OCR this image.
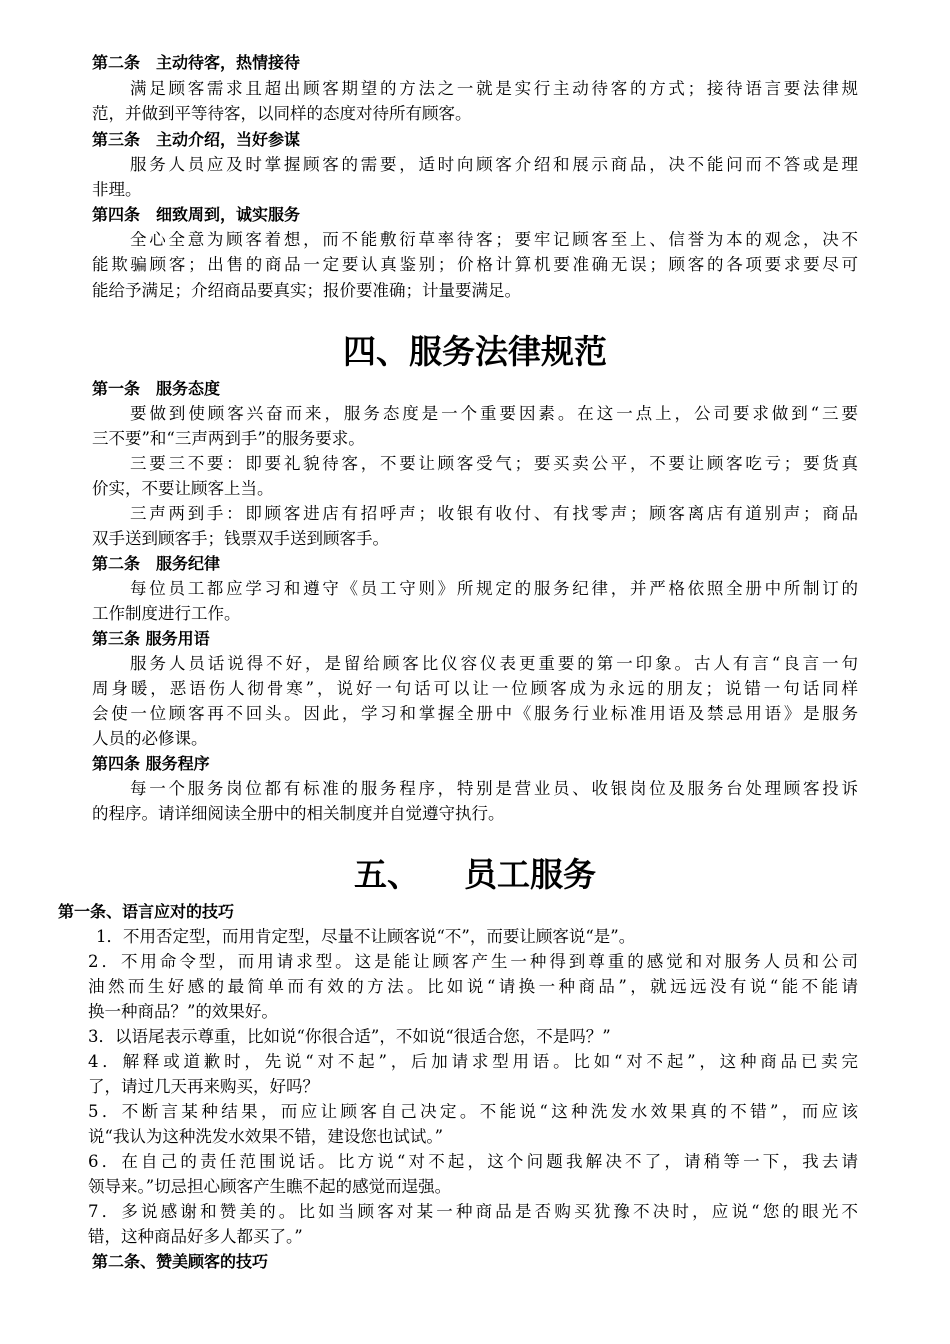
第二条　主动待客，热情接待
满足顾客需求且超出顾客期望的方法之一就是实行主动待客的方式；接待语言要法律规
范，并做到平等待客，以同样的态度对待所有顾客。
第三条　主动介绍，当好参谋
服务人员应及时掌握顾客的需要，适时向顾客介绍和展示商品，决不能问而不答或是理
非理。
第四条　细致周到，诚实服务
全心全意为顾客着想，而不能敷衍草率待客；要牢记顾客至上、信誉为本的观念，决不
能欺骗顾客；出售的商品一定要认真鉴别；价格计算机要准确无误；顾客的各项要求要尽可
能给予满足；介绍商品要真实；报价要准确；计量要满足。
四、服务法律规范
第一条　服务态度
要做到使顾客兴奋而来，服务态度是一个重要因素。在这一点上，公司要求做到“三要
三不要”和“三声两到手”的服务要求。
三要三不要：即要礼貌待客，不要让顾客受气；要买卖公平，不要让顾客吃亏；要货真
价实，不要让顾客上当。
三声两到手：即顾客进店有招呼声；收银有收付、有找零声；顾客离店有道别声；商品
双手送到顾客手；钱票双手送到顾客手。
第二条　服务纪律
每位员工都应学习和遵守《员工守则》所规定的服务纪律，并严格依照全册中所制订的
工作制度进行工作。
第三条 服务用语
服务人员话说得不好，是留给顾客比仪容仪表更重要的第一印象。古人有言“良言一句
周身暖，恶语伤人彻骨寒”，说好一句话可以让一位顾客成为永远的朋友；说错一句话同样
会使一位顾客再不回头。因此，学习和掌握全册中《服务行业标准用语及禁忌用语》是服务
人员的必修课。
第四条 服务程序
每一个服务岗位都有标准的服务程序，特别是营业员、收银岗位及服务台处理顾客投诉
的程序。请详细阅读全册中的相关制度并自觉遵守执行。
五、 员工服务
第一条、语言应对的技巧
1．不用否定型，而用肯定型，尽量不让顾客说“不”，而要让顾客说“是”。
2．不用命令型，而用请求型。这是能让顾客产生一种得到尊重的感觉和对服务人员和公司
油然而生好感的最简单而有效的方法。比如说“请换一种商品”，就远远没有说“能不能请
换一种商品？”的效果好。
3．以语尾表示尊重，比如说“你很合适”，不如说“很适合您，不是吗？”
4．解释或道歉时，先说“对不起”，后加请求型用语。比如“对不起”，这种商品已卖完
了，请过几天再来购买，好吗？
5．不断言某种结果，而应让顾客自己决定。不能说“这种洗发水效果真的不错”，而应该
说“我认为这种洗发水效果不错，建设您也试试。”
6．在自己的责任范围说话。比方说“对不起，这个问题我解决不了，请稍等一下，我去请
领导来。”切忌担心顾客产生瞧不起的感觉而逞强。
7．多说感谢和赞美的。比如当顾客对某一种商品是否购买犹豫不决时，应说“您的眼光不
错，这种商品好多人都买了。”
第二条、赞美顾客的技巧
